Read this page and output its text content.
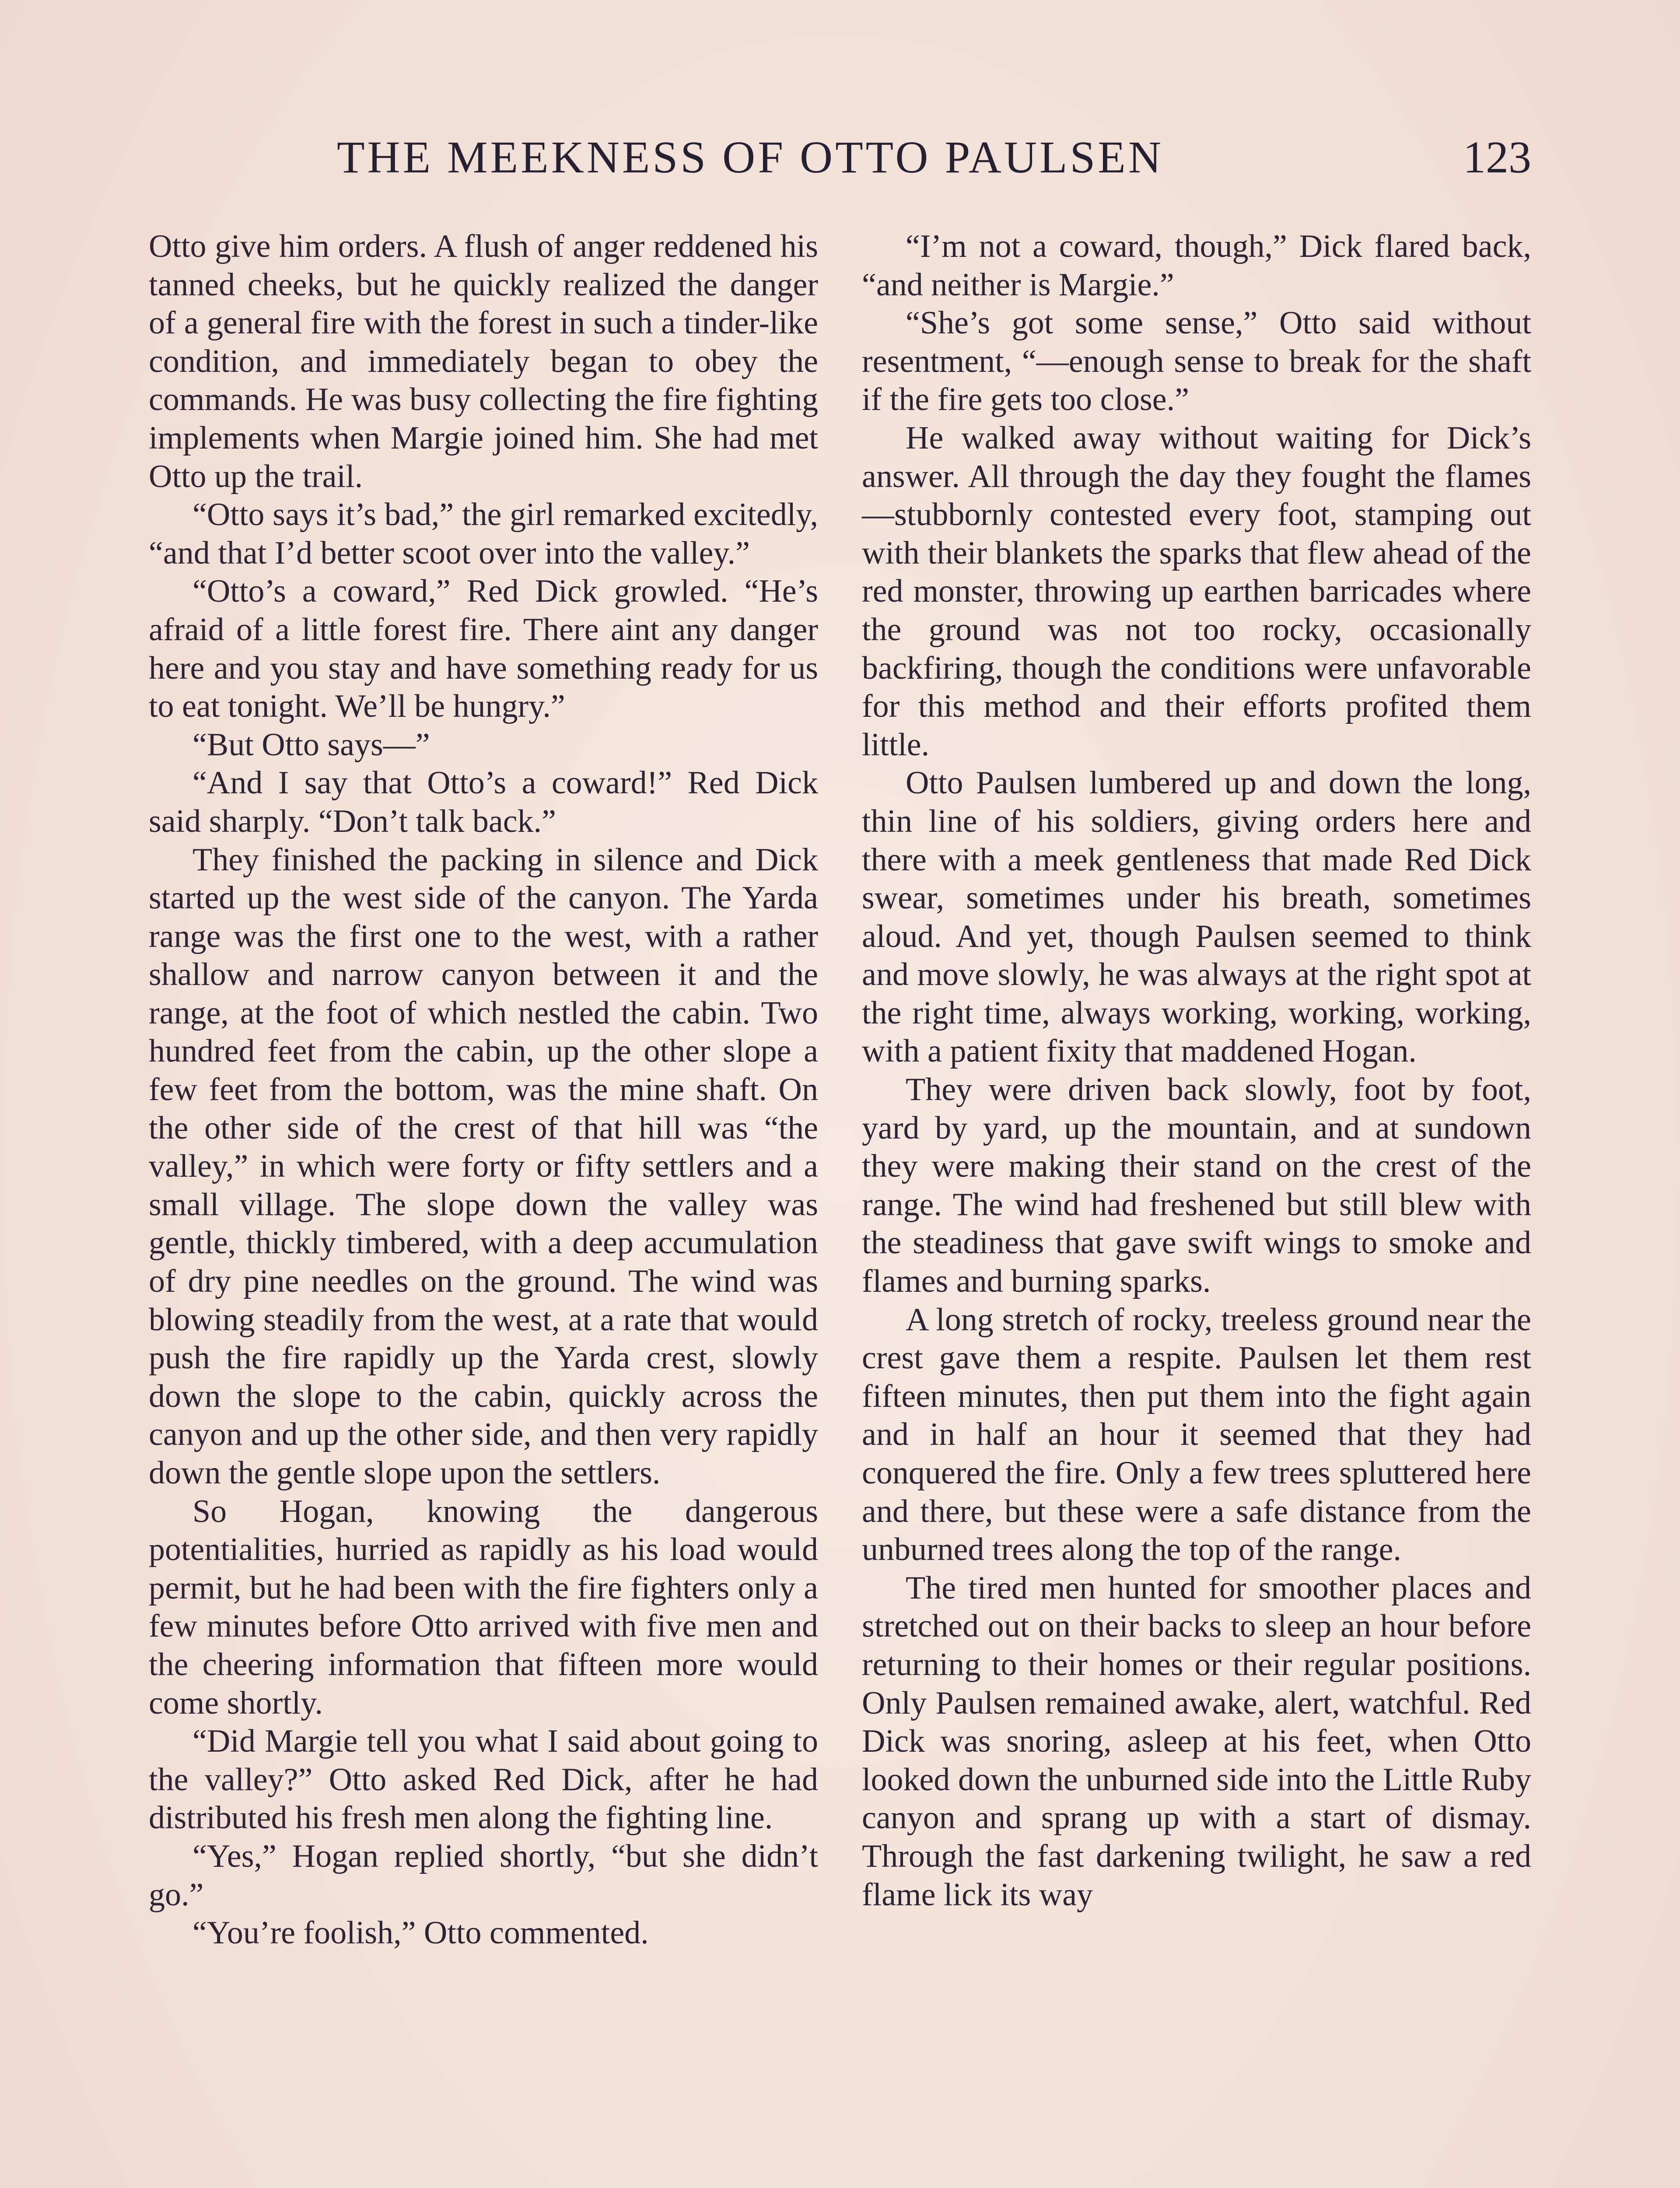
THE MEEKNESS OF OTTO PAULSEN	123

Otto give him orders. A flush of anger reddened his tanned cheeks, but he quickly realized the danger of a general fire with the forest in such a tinder-like condition, and immediately began to obey the commands. He was busy collecting the fire fighting implements when Margie joined him. She had met Otto up the trail.

“Otto says it’s bad,” the girl remarked excitedly, “and that I’d better scoot over into the valley.”

“Otto’s a coward,” Red Dick growled. “He’s afraid of a little forest fire. There aint any danger here and you stay and have something ready for us to eat tonight. We’ll be hungry.”

“But Otto says—”

“And I say that Otto’s a coward!” Red Dick said sharply. “Don’t talk back.”

They finished the packing in silence and Dick started up the west side of the canyon. The Yarda range was the first one to the west, with a rather shallow and narrow canyon between it and the range, at the foot of which nestled the cabin. Two hundred feet from the cabin, up the other slope a few feet from the bottom, was the mine shaft. On the other side of the crest of that hill was “the valley,” in which were forty or fifty settlers and a small village. The slope down the valley was gentle, thickly timbered, with a deep accumulation of dry pine needles on the ground. The wind was blowing steadily from the west, at a rate that would push the fire rapidly up the Yarda crest, slowly down the slope to the cabin, quickly across the canyon and up the other side, and then very rapidly down the gentle slope upon the settlers.

So Hogan, knowing the dangerous potentialities, hurried as rapidly as his load would permit, but he had been with the fire fighters only a few minutes before Otto arrived with five men and the cheering information that fifteen more would come shortly.

“Did Margie tell you what I said about going to the valley?” Otto asked Red Dick, after he had distributed his fresh men along the fighting line.

“Yes,” Hogan replied shortly, “but she didn’t go.”

“You’re foolish,” Otto commented.

“I’m not a coward, though,” Dick flared back, “and neither is Margie.”

“She’s got some sense,” Otto said without resentment, “—enough sense to break for the shaft if the fire gets too close.”

He walked away without waiting for Dick’s answer. All through the day they fought the flames—stubbornly contested every foot, stamping out with their blankets the sparks that flew ahead of the red monster, throwing up earthen barricades where the ground was not too rocky, occasionally backfiring, though the conditions were unfavorable for this method and their efforts profited them little.

Otto Paulsen lumbered up and down the long, thin line of his soldiers, giving orders here and there with a meek gentleness that made Red Dick swear, sometimes under his breath, sometimes aloud. And yet, though Paulsen seemed to think and move slowly, he was always at the right spot at the right time, always working, working, working, with a patient fixity that maddened Hogan.

They were driven back slowly, foot by foot, yard by yard, up the mountain, and at sundown they were making their stand on the crest of the range. The wind had freshened but still blew with the steadiness that gave swift wings to smoke and flames and burning sparks.

A long stretch of rocky, treeless ground near the crest gave them a respite. Paulsen let them rest fifteen minutes, then put them into the fight again and in half an hour it seemed that they had conquered the fire. Only a few trees spluttered here and there, but these were a safe distance from the unburned trees along the top of the range.

The tired men hunted for smoother places and stretched out on their backs to sleep an hour before returning to their homes or their regular positions. Only Paulsen remained awake, alert, watchful. Red Dick was snoring, asleep at his feet, when Otto looked down the unburned side into the Little Ruby canyon and sprang up with a start of dismay. Through the fast darkening twilight, he saw a red flame lick its way
